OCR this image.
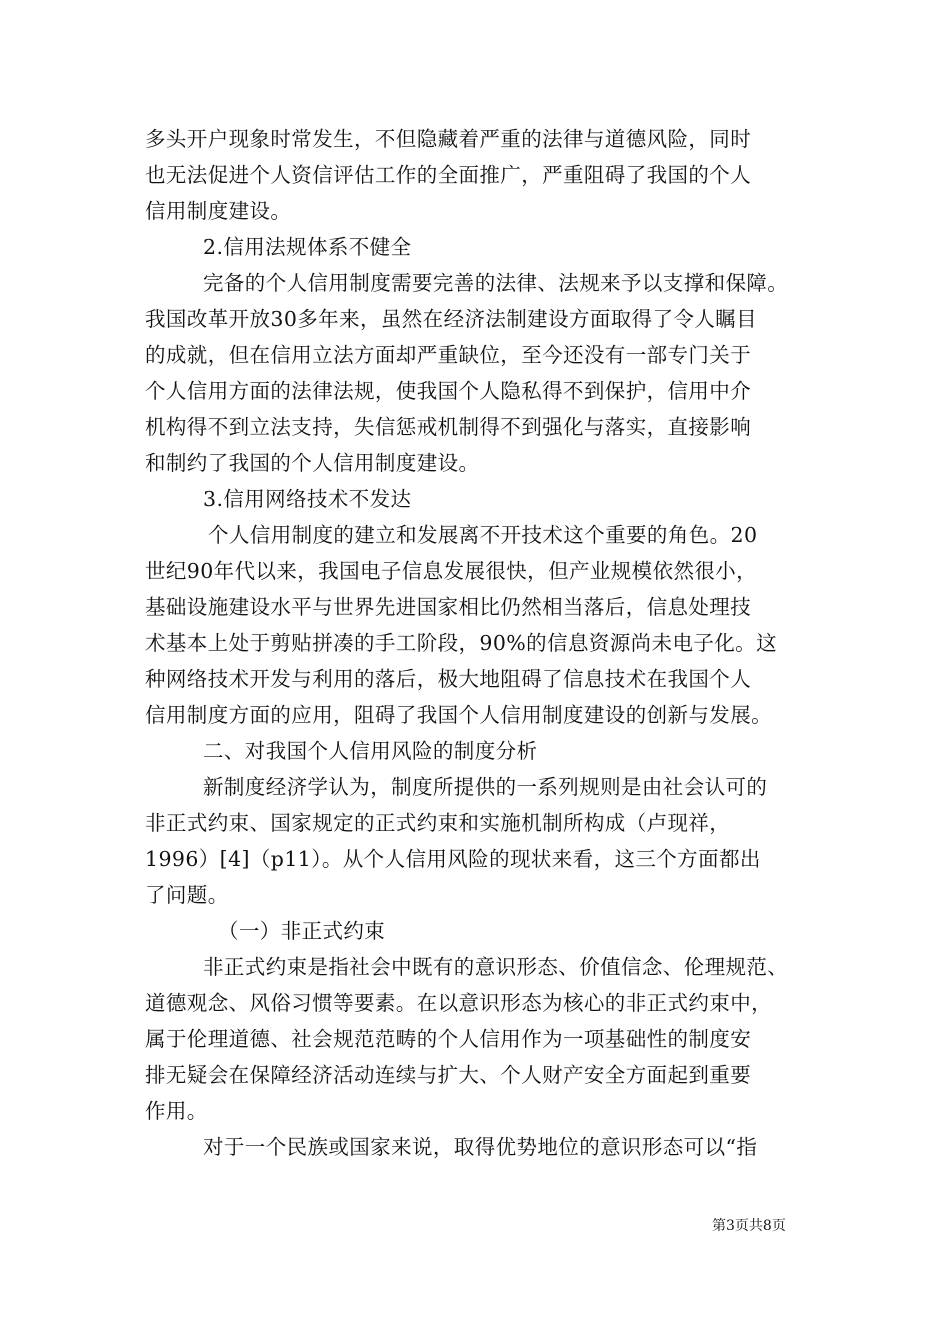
多头开户现象时常发生，不但隐藏着严重的法律与道德风险，同时
也无法促进个人资信评估工作的全面推广，严重阻碍了我国的个人
信用制度建设。
2.信用法规体系不健全
完备的个人信用制度需要完善的法律、法规来予以支撑和保障。
我国改革开放30多年来，虽然在经济法制建设方面取得了令人瞩目
的成就，但在信用立法方面却严重缺位，至今还没有一部专门关于
个人信用方面的法律法规，使我国个人隐私得不到保护，信用中介
机构得不到立法支持，失信惩戒机制得不到强化与落实，直接影响
和制约了我国的个人信用制度建设。
3.信用网络技术不发达
个人信用制度的建立和发展离不开技术这个重要的角色。20
世纪90年代以来，我国电子信息发展很快，但产业规模依然很小，
基础设施建设水平与世界先进国家相比仍然相当落后，信息处理技
术基本上处于剪贴拼凑的手工阶段，90%的信息资源尚未电子化。这
种网络技术开发与利用的落后，极大地阻碍了信息技术在我国个人
信用制度方面的应用，阻碍了我国个人信用制度建设的创新与发展。
二、对我国个人信用风险的制度分析
新制度经济学认为，制度所提供的一系列规则是由社会认可的
非正式约束、国家规定的正式约束和实施机制所构成（卢现祥，
1996）[4]（p11）。从个人信用风险的现状来看，这三个方面都出
了问题。
（一）非正式约束
非正式约束是指社会中既有的意识形态、价值信念、伦理规范、
道德观念、风俗习惯等要素。在以意识形态为核心的非正式约束中，
属于伦理道德、社会规范范畴的个人信用作为一项基础性的制度安
排无疑会在保障经济活动连续与扩大、个人财产安全方面起到重要
作用。
对于一个民族或国家来说，取得优势地位的意识形态可以“指
第3页共8页
